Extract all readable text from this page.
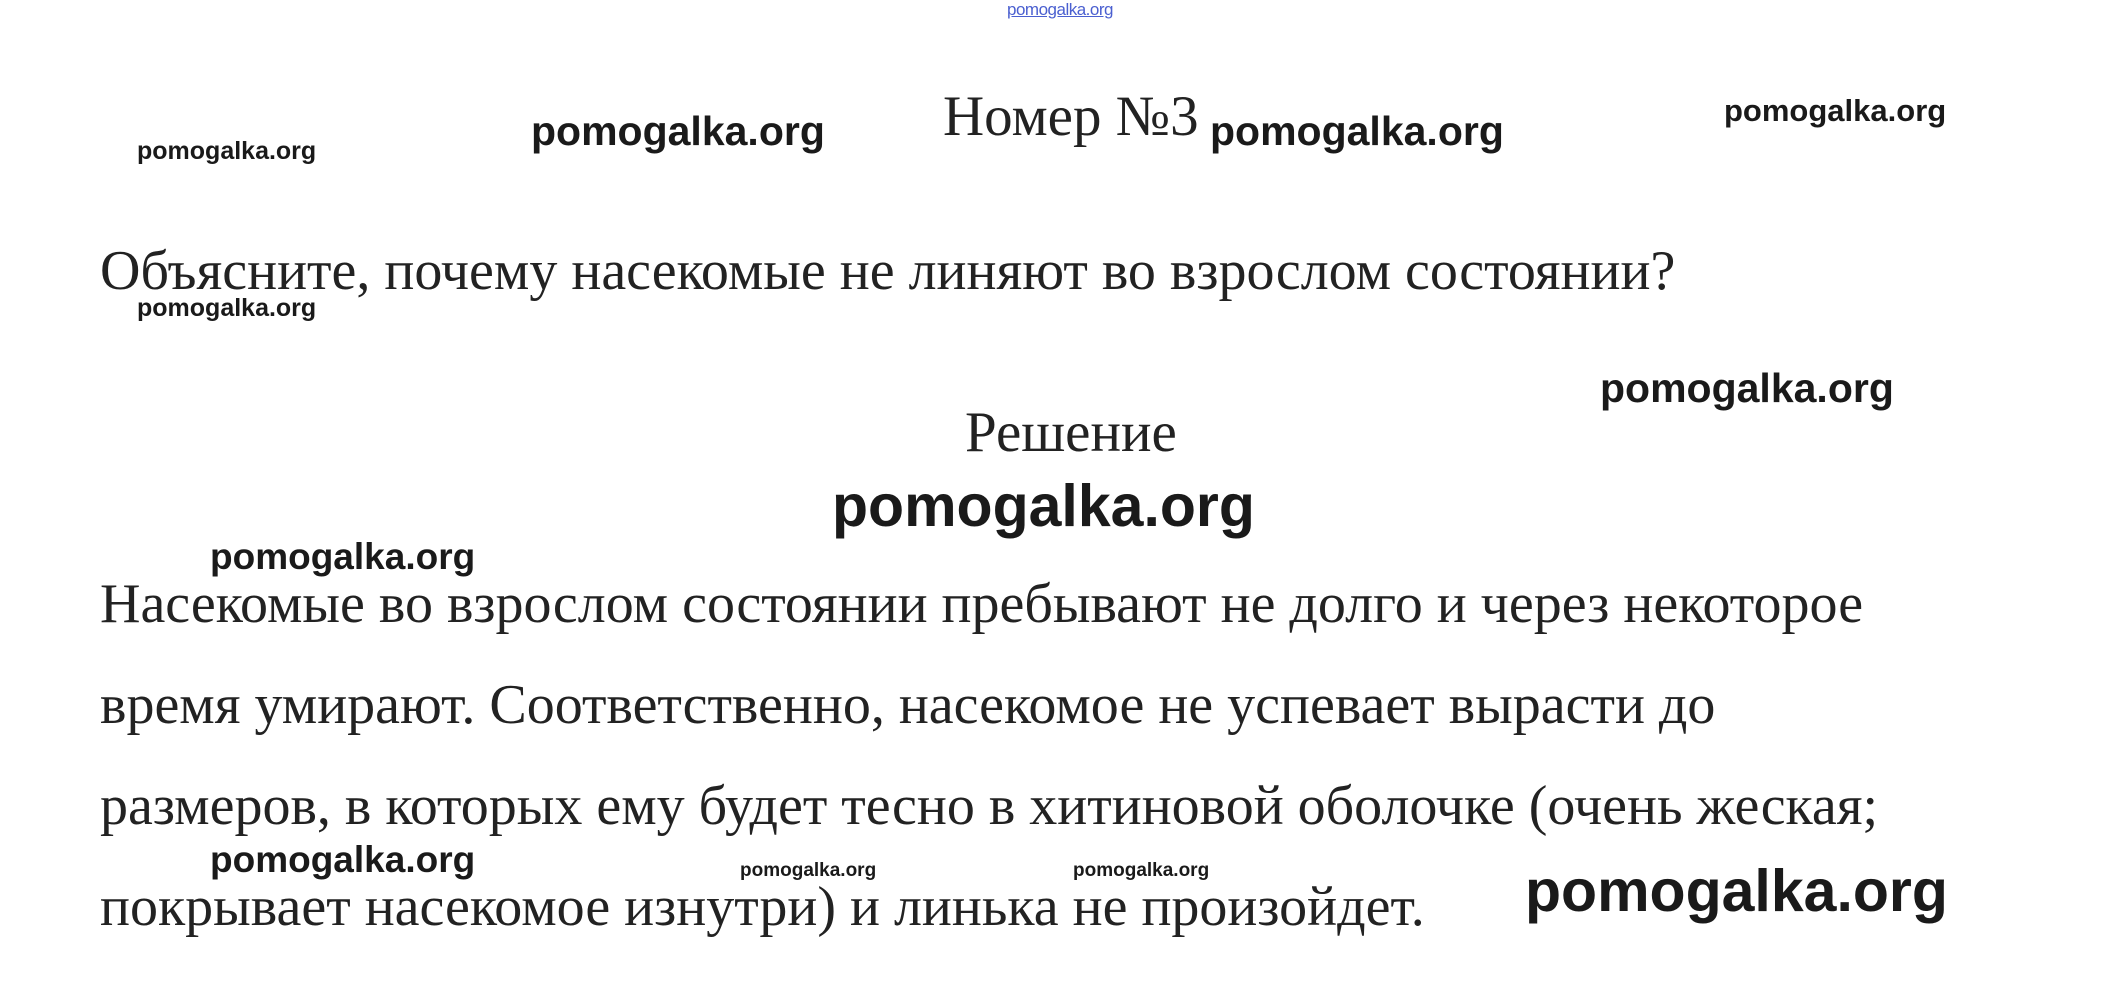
pomogalka.org
Номер №3
Объясните, почему насекомые не линяют во взрослом состоянии?
Решение
Насекомые во взрослом состоянии пребывают не долго и через некоторое
время умирают. Соответственно, насекомое не успевает вырасти до
размеров, в которых ему будет тесно в хитиновой оболочке (очень жеская;
покрывает насекомое изнутри) и линька не произойдет.
pomogalka.org	pomogalka.org	pomogalka.org	pomogalka.org
pomogalka.org
pomogalka.org
pomogalka.org
pomogalka.org
pomogalka.org	pomogalka.org	pomogalka.org	pomogalka.org
